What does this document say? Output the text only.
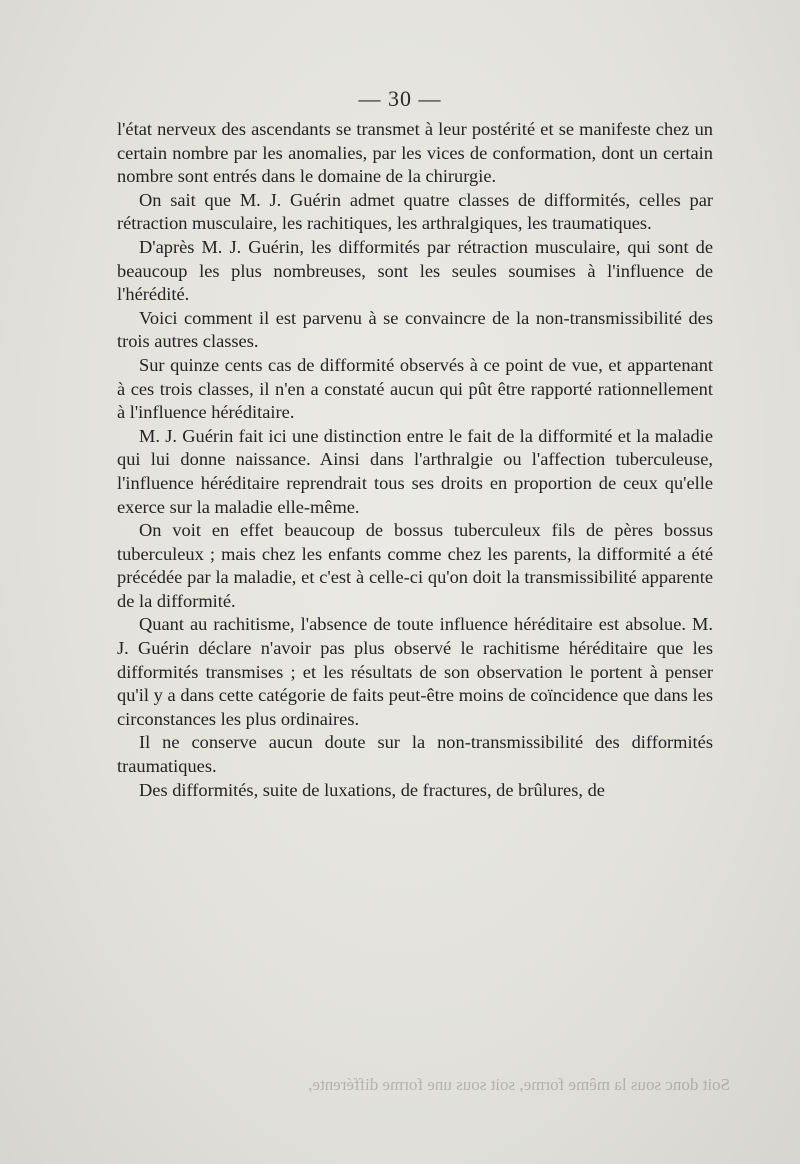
— 30 —

l'état nerveux des ascendants se transmet à leur postérité et se manifeste chez un certain nombre par les anomalies, par les vices de conformation, dont un certain nombre sont entrés dans le domaine de la chirurgie.

On sait que M. J. Guérin admet quatre classes de difformités, celles par rétraction musculaire, les rachitiques, les arthralgiques, les traumatiques.

D'après M. J. Guérin, les difformités par rétraction musculaire, qui sont de beaucoup les plus nombreuses, sont les seules soumises à l'influence de l'hérédité.

Voici comment il est parvenu à se convaincre de la non-transmissibilité des trois autres classes.

Sur quinze cents cas de difformité observés à ce point de vue, et appartenant à ces trois classes, il n'en a constaté aucun qui pût être rapporté rationnellement à l'influence héréditaire.

M. J. Guérin fait ici une distinction entre le fait de la difformité et la maladie qui lui donne naissance. Ainsi dans l'arthralgie ou l'affection tuberculeuse, l'influence héréditaire reprendrait tous ses droits en proportion de ceux qu'elle exerce sur la maladie elle-même.

On voit en effet beaucoup de bossus tuberculeux fils de pères bossus tuberculeux ; mais chez les enfants comme chez les parents, la difformité a été précédée par la maladie, et c'est à celle-ci qu'on doit la transmissibilité apparente de la difformité.

Quant au rachitisme, l'absence de toute influence héréditaire est absolue. M. J. Guérin déclare n'avoir pas plus observé le rachitisme héréditaire que les difformités transmises ; et les résultats de son observation le portent à penser qu'il y a dans cette catégorie de faits peut-être moins de coïncidence que dans les circonstances les plus ordinaires.

Il ne conserve aucun doute sur la non-transmissibilité des difformités traumatiques.

Des difformités, suite de luxations, de fractures, de brûlures, de

Soit donc sous la même forme, soit sous une forme différente,
